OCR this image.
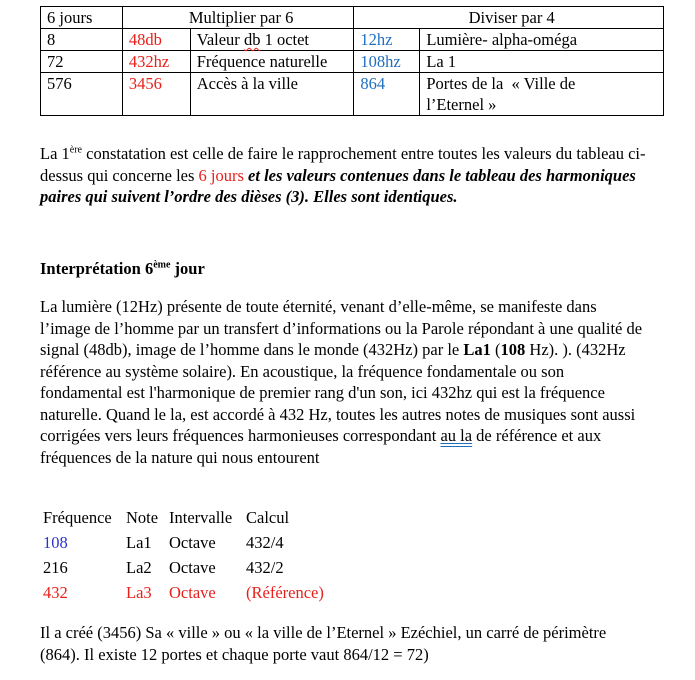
6 jours	Multiplier par 6		Diviser par 4	
8	48db	Valeur db 1 octet	12hz	Lumière- alpha-oméga
72	432hz	Fréquence naturelle	108hz	La 1
576	3456	Accès à la ville	864	Portes de la  « Ville de
l’Eternel »

La 1ère constatation est celle de faire le rapprochement entre toutes les valeurs du tableau ci-dessus qui concerne les 6 jours et les valeurs contenues dans le tableau des harmoniques paires qui suivent l’ordre des dièses (3). Elles sont identiques.

Interprétation 6ème jour

La lumière (12Hz) présente de toute éternité, venant d’elle-même, se manifeste dans l’image de l’homme par un transfert d’informations ou la Parole répondant à une qualité de signal (48db), image de l’homme dans le monde (432Hz) par le La1 (108 Hz). ). (432Hz référence au système solaire). En acoustique, la fréquence fondamentale ou son fondamental est l'harmonique de premier rang d'un son, ici 432hz qui est la fréquence naturelle. Quand le la, est accordé à 432 Hz, toutes les autres notes de musiques sont aussi corrigées vers leurs fréquences harmonieuses correspondant au la de référence et aux fréquences de la nature qui nous entourent

Fréquence	Note	Intervalle	Calcul
108	La1	Octave	432/4
216	La2	Octave	432/2
432	La3	Octave	(Référence)

Il a créé (3456) Sa « ville » ou « la ville de l’Eternel » Ezéchiel, un carré de périmètre (864). Il existe 12 portes et chaque porte vaut 864/12 = 72)
